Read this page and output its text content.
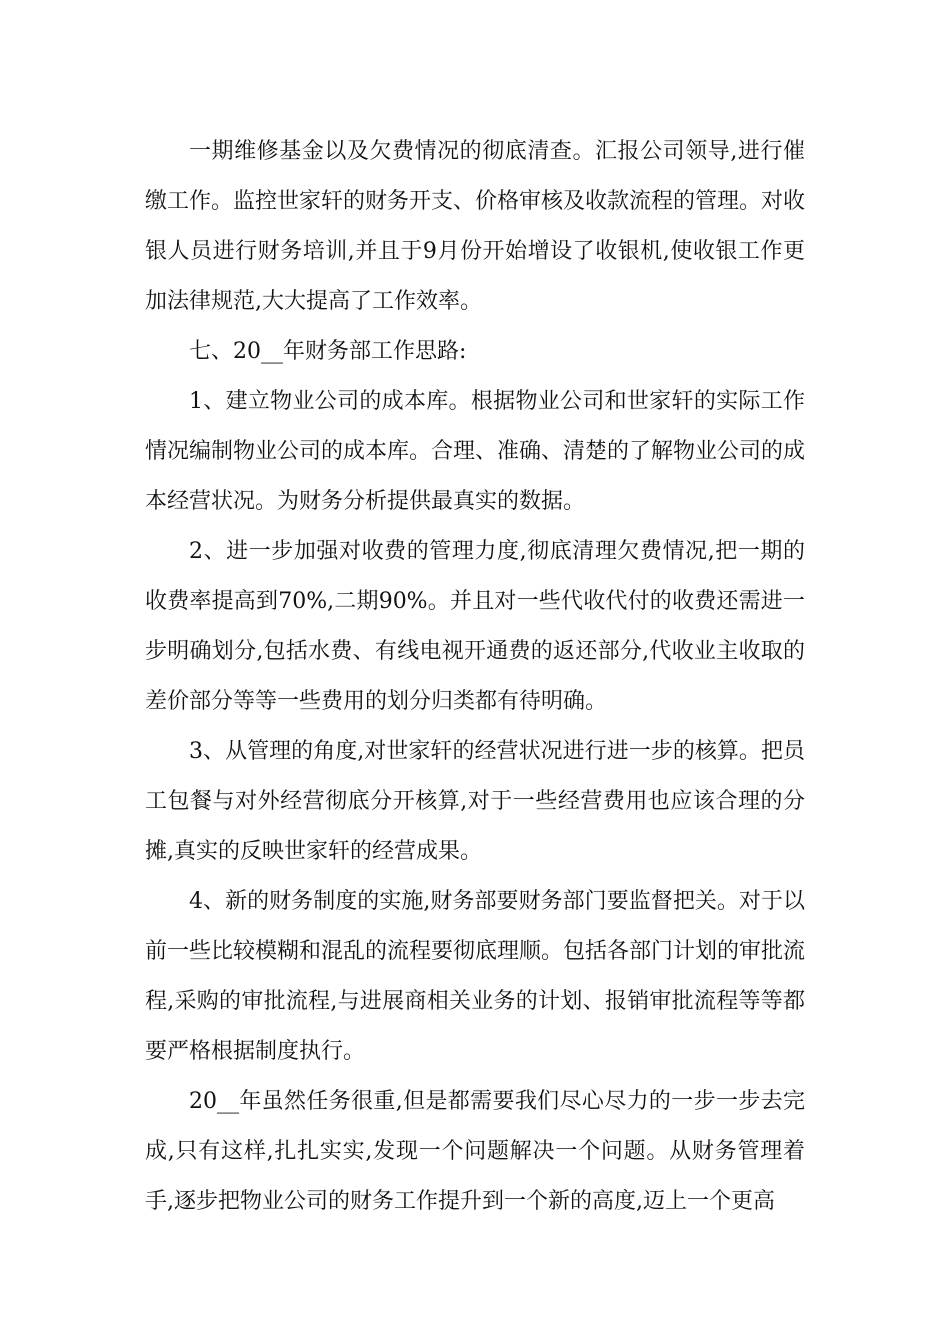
一期维修基金以及欠费情况的彻底清查。汇报公司领导,进行催缴工作。监控世家轩的财务开支、价格审核及收款流程的管理。对收银人员进行财务培训,并且于9月份开始增设了收银机,使收银工作更加法律规范,大大提高了工作效率。

七、20__年财务部工作思路:

1、建立物业公司的成本库。根据物业公司和世家轩的实际工作情况编制物业公司的成本库。合理、准确、清楚的了解物业公司的成本经营状况。为财务分析提供最真实的数据。

2、进一步加强对收费的管理力度,彻底清理欠费情况,把一期的收费率提高到70%,二期90%。并且对一些代收代付的收费还需进一步明确划分,包括水费、有线电视开通费的返还部分,代收业主收取的差价部分等等一些费用的划分归类都有待明确。

3、从管理的角度,对世家轩的经营状况进行进一步的核算。把员工包餐与对外经营彻底分开核算,对于一些经营费用也应该合理的分摊,真实的反映世家轩的经营成果。

4、新的财务制度的实施,财务部要财务部门要监督把关。对于以前一些比较模糊和混乱的流程要彻底理顺。包括各部门计划的审批流程,采购的审批流程,与进展商相关业务的计划、报销审批流程等等都要严格根据制度执行。

20__年虽然任务很重,但是都需要我们尽心尽力的一步一步去完成,只有这样,扎扎实实,发现一个问题解决一个问题。从财务管理着手,逐步把物业公司的财务工作提升到一个新的高度,迈上一个更高
